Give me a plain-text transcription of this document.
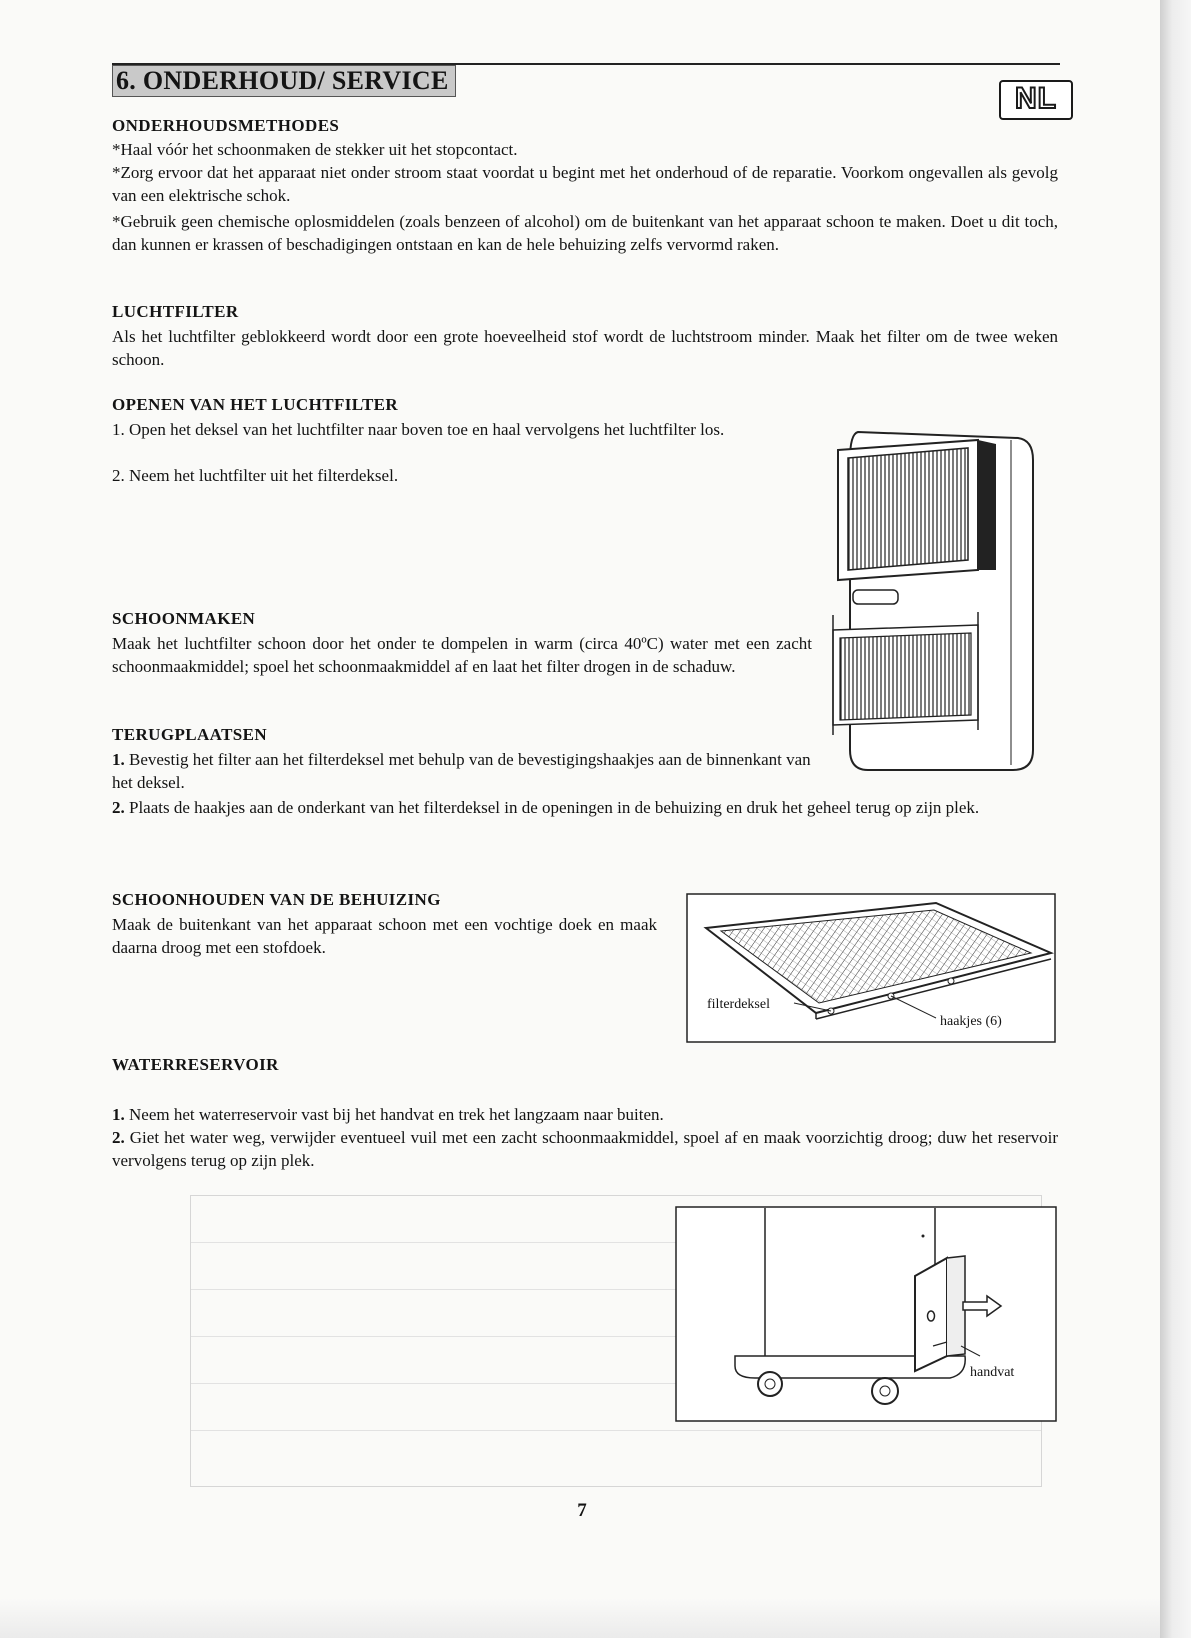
6. ONDERHOUD/ SERVICE
NL
ONDERHOUDSMETHODES

*Haal vóór het schoonmaken de stekker uit het stopcontact.

*Zorg ervoor dat het apparaat niet onder stroom staat voordat u begint met het onderhoud of de reparatie. Voorkom ongevallen als gevolg van een elektrische schok.

*Gebruik geen chemische oplosmiddelen (zoals benzeen of alcohol) om de buitenkant van het apparaat schoon te maken. Doet u dit toch, dan kunnen er krassen of beschadigingen ontstaan en kan de hele behuizing zelfs vervormd raken.

LUCHTFILTER

Als het luchtfilter geblokkeerd wordt door een grote hoeveelheid stof wordt de luchtstroom minder. Maak het filter om de twee weken schoon.

OPENEN VAN HET LUCHTFILTER

1. Open het deksel van het luchtfilter naar boven toe en haal vervolgens het luchtfilter los.

2. Neem het luchtfilter uit het filterdeksel.

SCHOONMAKEN

Maak het luchtfilter schoon door het onder te dompelen in warm (circa 40ºC) water met een zacht schoonmaakmiddel; spoel het schoonmaakmiddel af en laat het filter drogen in de schaduw.

TERUGPLAATSEN

1. Bevestig het filter aan het filterdeksel met behulp van de bevestigingshaakjes aan de binnenkant van het deksel.

2. Plaats de haakjes aan de onderkant van het filterdeksel in de openingen in de behuizing en druk het geheel terug op zijn plek.

SCHOONHOUDEN VAN DE BEHUIZING

Maak de buitenkant van het apparaat schoon met een vochtige doek en maak daarna droog met een stofdoek.

filterdeksel
haakjes (6)
WATERRESERVOIR

1. Neem het waterreservoir vast bij het handvat en trek het langzaam naar buiten.

2. Giet het water weg, verwijder eventueel vuil met een zacht schoonmaakmiddel, spoel af en maak voorzichtig droog; duw het reservoir vervolgens terug op zijn plek.

handvat
7
